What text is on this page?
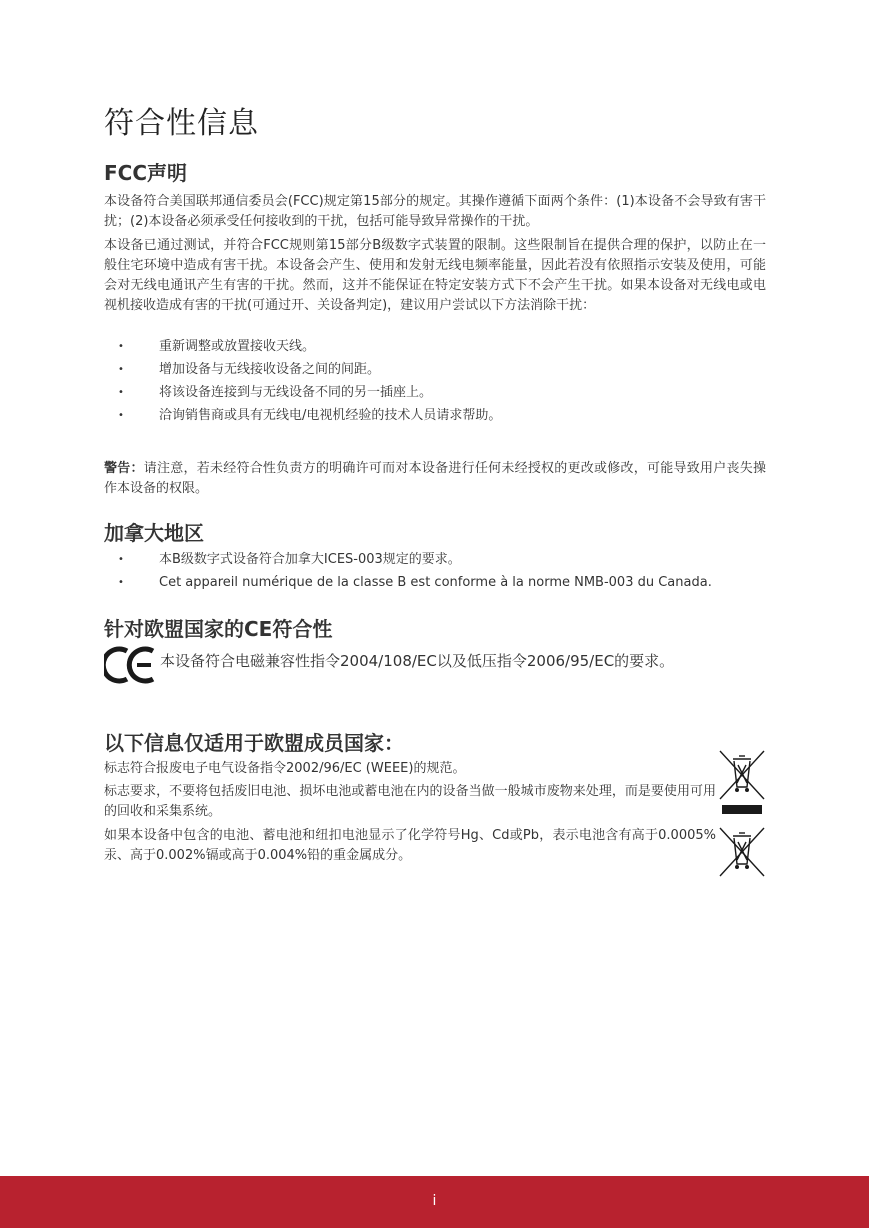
符合性信息
FCC声明

本设备符合美国联邦通信委员会(FCC)规定第15部分的规定。其操作遵循下面两个条件：(1)本设备不会导致有害干扰；(2)本设备必须承受任何接收到的干扰，包括可能导致异常操作的干扰。

本设备已通过测试，并符合FCC规则第15部分B级数字式装置的限制。这些限制旨在提供合理的保护，以防止在一般住宅环境中造成有害干扰。本设备会产生、使用和发射无线电频率能量，因此若没有依照指示安装及使用，可能会对无线电通讯产生有害的干扰。然而，这并不能保证在特定安装方式下不会产生干扰。如果本设备对无线电或电视机接收造成有害的干扰(可通过开、关设备判定)，建议用户尝试以下方法消除干扰：

• 重新调整或放置接收天线。
• 增加设备与无线接收设备之间的间距。
• 将该设备连接到与无线设备不同的另一插座上。
• 洽询销售商或具有无线电/电视机经验的技术人员请求帮助。

警告：请注意，若未经符合性负责方的明确许可而对本设备进行任何未经授权的更改或修改，可能导致用户丧失操作本设备的权限。

加拿大地区
• 本B级数字式设备符合加拿大ICES-003规定的要求。
• Cet appareil numérique de la classe B est conforme à la norme NMB-003 du Canada.
针对欧盟国家的CE符合性
本设备符合电磁兼容性指令2004/108/EC以及低压指令2006/95/EC的要求。
以下信息仅适用于欧盟成员国家：

标志符合报废电子电气设备指令2002/96/EC (WEEE)的规范。

标志要求，不要将包括废旧电池、损坏电池或蓄电池在内的设备当做一般城市废物来处理，而是要使用可用的回收和采集系统。

如果本设备中包含的电池、蓄电池和纽扣电池显示了化学符号Hg、Cd或Pb，表示电池含有高于0.0005%汞、高于0.002%镉或高于0.004%铅的重金属成分。

i
